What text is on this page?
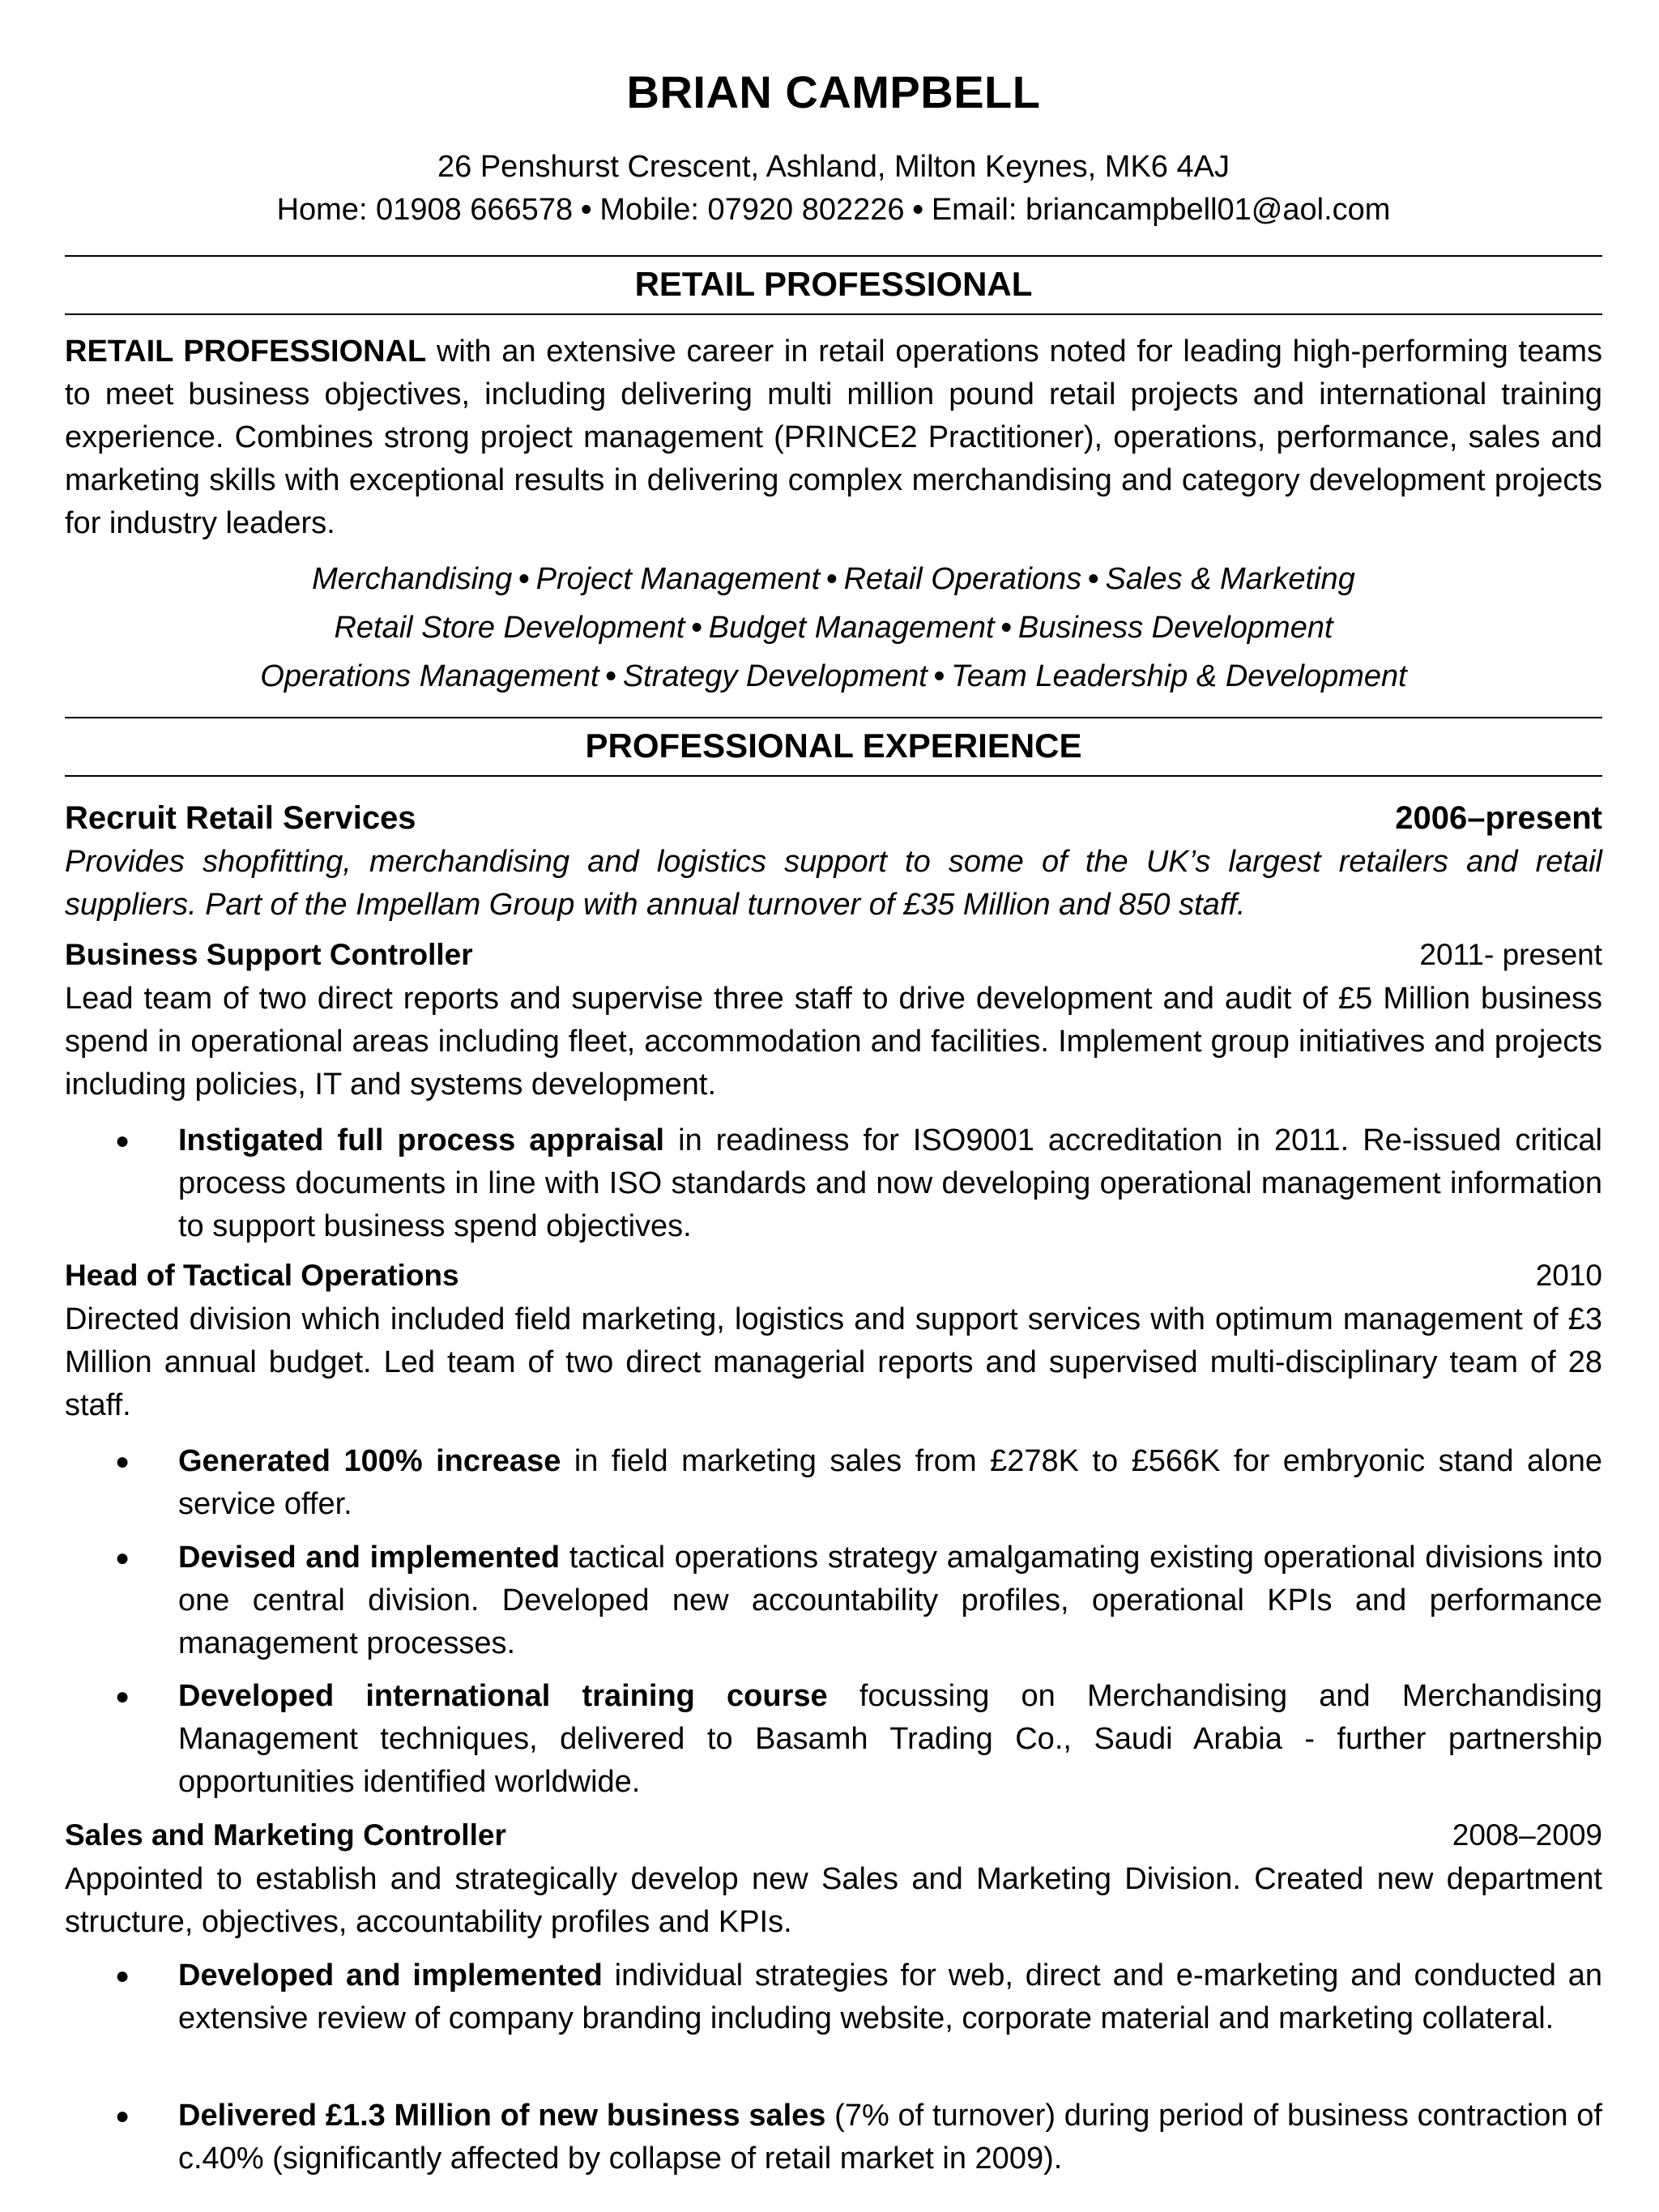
BRIAN CAMPBELL
26 Penshurst Crescent, Ashland, Milton Keynes, MK6 4AJ
Home: 01908 666578 • Mobile: 07920 802226 • Email: briancampbell01@aol.com
RETAIL PROFESSIONAL
RETAIL PROFESSIONAL with an extensive career in retail operations noted for leading high-performing teams to meet business objectives, including delivering multi million pound retail projects and international training experience. Combines strong project management (PRINCE2 Practitioner), operations, performance, sales and marketing skills with exceptional results in delivering complex merchandising and category development projects for industry leaders.
Merchandising • Project Management • Retail Operations • Sales & Marketing
Retail Store Development • Budget Management • Business Development
Operations Management • Strategy Development • Team Leadership & Development
PROFESSIONAL EXPERIENCE
Recruit Retail Services	2006–present
Provides shopfitting, merchandising and logistics support to some of the UK’s largest retailers and retail suppliers. Part of the Impellam Group with annual turnover of £35 Million and 850 staff.
Business Support Controller	2011- present
Lead team of two direct reports and supervise three staff to drive development and audit of £5 Million business spend in operational areas including fleet, accommodation and facilities. Implement group initiatives and projects including policies, IT and systems development.
● Instigated full process appraisal in readiness for ISO9001 accreditation in 2011. Re-issued critical process documents in line with ISO standards and now developing operational management information to support business spend objectives.
Head of Tactical Operations	2010
Directed division which included field marketing, logistics and support services with optimum management of £3 Million annual budget. Led team of two direct managerial reports and supervised multi-disciplinary team of 28 staff.
● Generated 100% increase in field marketing sales from £278K to £566K for embryonic stand alone service offer.
● Devised and implemented tactical operations strategy amalgamating existing operational divisions into one central division. Developed new accountability profiles, operational KPIs and performance management processes.
● Developed international training course focussing on Merchandising and Merchandising Management techniques, delivered to Basamh Trading Co., Saudi Arabia - further partnership opportunities identified worldwide.
Sales and Marketing Controller	2008–2009
Appointed to establish and strategically develop new Sales and Marketing Division. Created new department structure, objectives, accountability profiles and KPIs.
● Developed and implemented individual strategies for web, direct and e-marketing and conducted an extensive review of company branding including website, corporate material and marketing collateral.
● Delivered £1.3 Million of new business sales (7% of turnover) during period of business contraction of c.40% (significantly affected by collapse of retail market in 2009).
